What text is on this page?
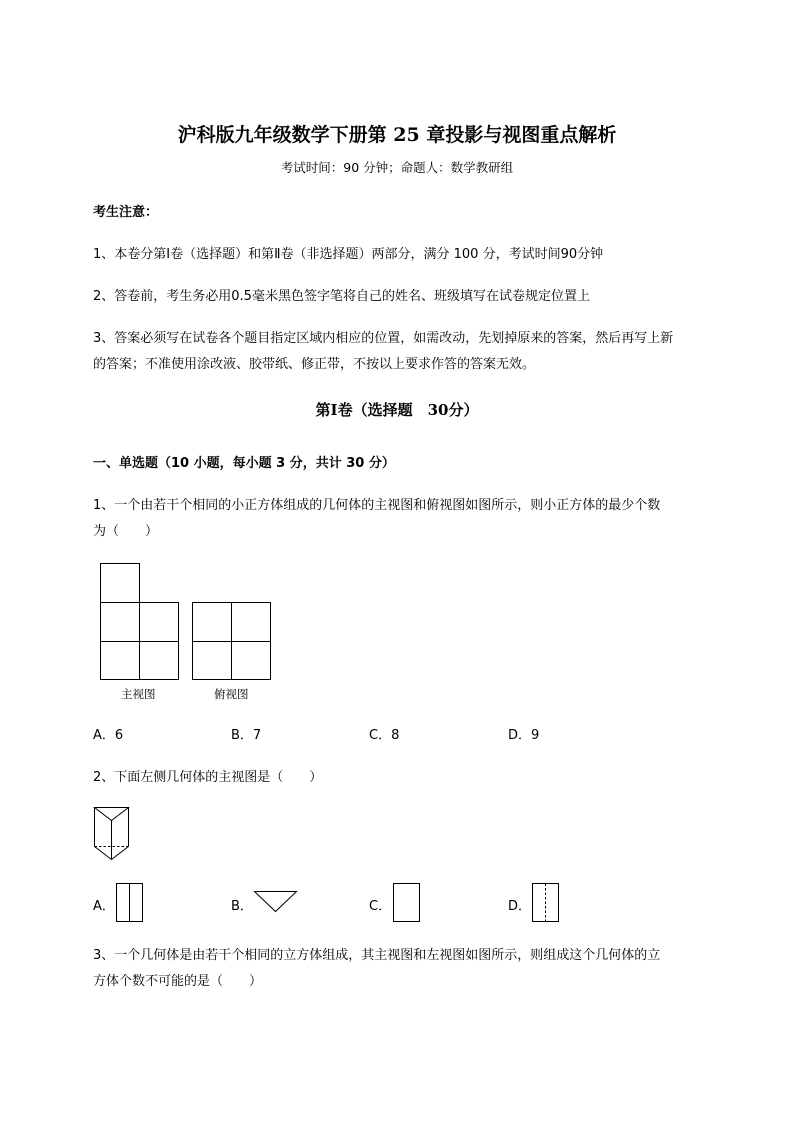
沪科版九年级数学下册第 25 章投影与视图重点解析
考试时间：90 分钟；命题人：数学教研组
考生注意：
1、本卷分第Ⅰ卷（选择题）和第Ⅱ卷（非选择题）两部分，满分 100 分，考试时间90分钟
2、答卷前，考生务必用0.5毫米黑色签字笔将自己的姓名、班级填写在试卷规定位置上
3、答案必须写在试卷各个题目指定区域内相应的位置，如需改动，先划掉原来的答案，然后再写上新
的答案；不准使用涂改液、胶带纸、修正带，不按以上要求作答的答案无效。
第Ⅰ卷（选择题　30分）
一、单选题（10 小题，每小题 3 分，共计 30 分）
1、一个由若干个相同的小正方体组成的几何体的主视图和俯视图如图所示，则小正方体的最少个数
为（　　）
主视图	俯视图
A．6	B．7	C．8	D．9
2、下面左侧几何体的主视图是（　　）
A．	B．	C．	D．
3、一个几何体是由若干个相同的立方体组成，其主视图和左视图如图所示，则组成这个几何体的立
方体个数不可能的是（　　）
